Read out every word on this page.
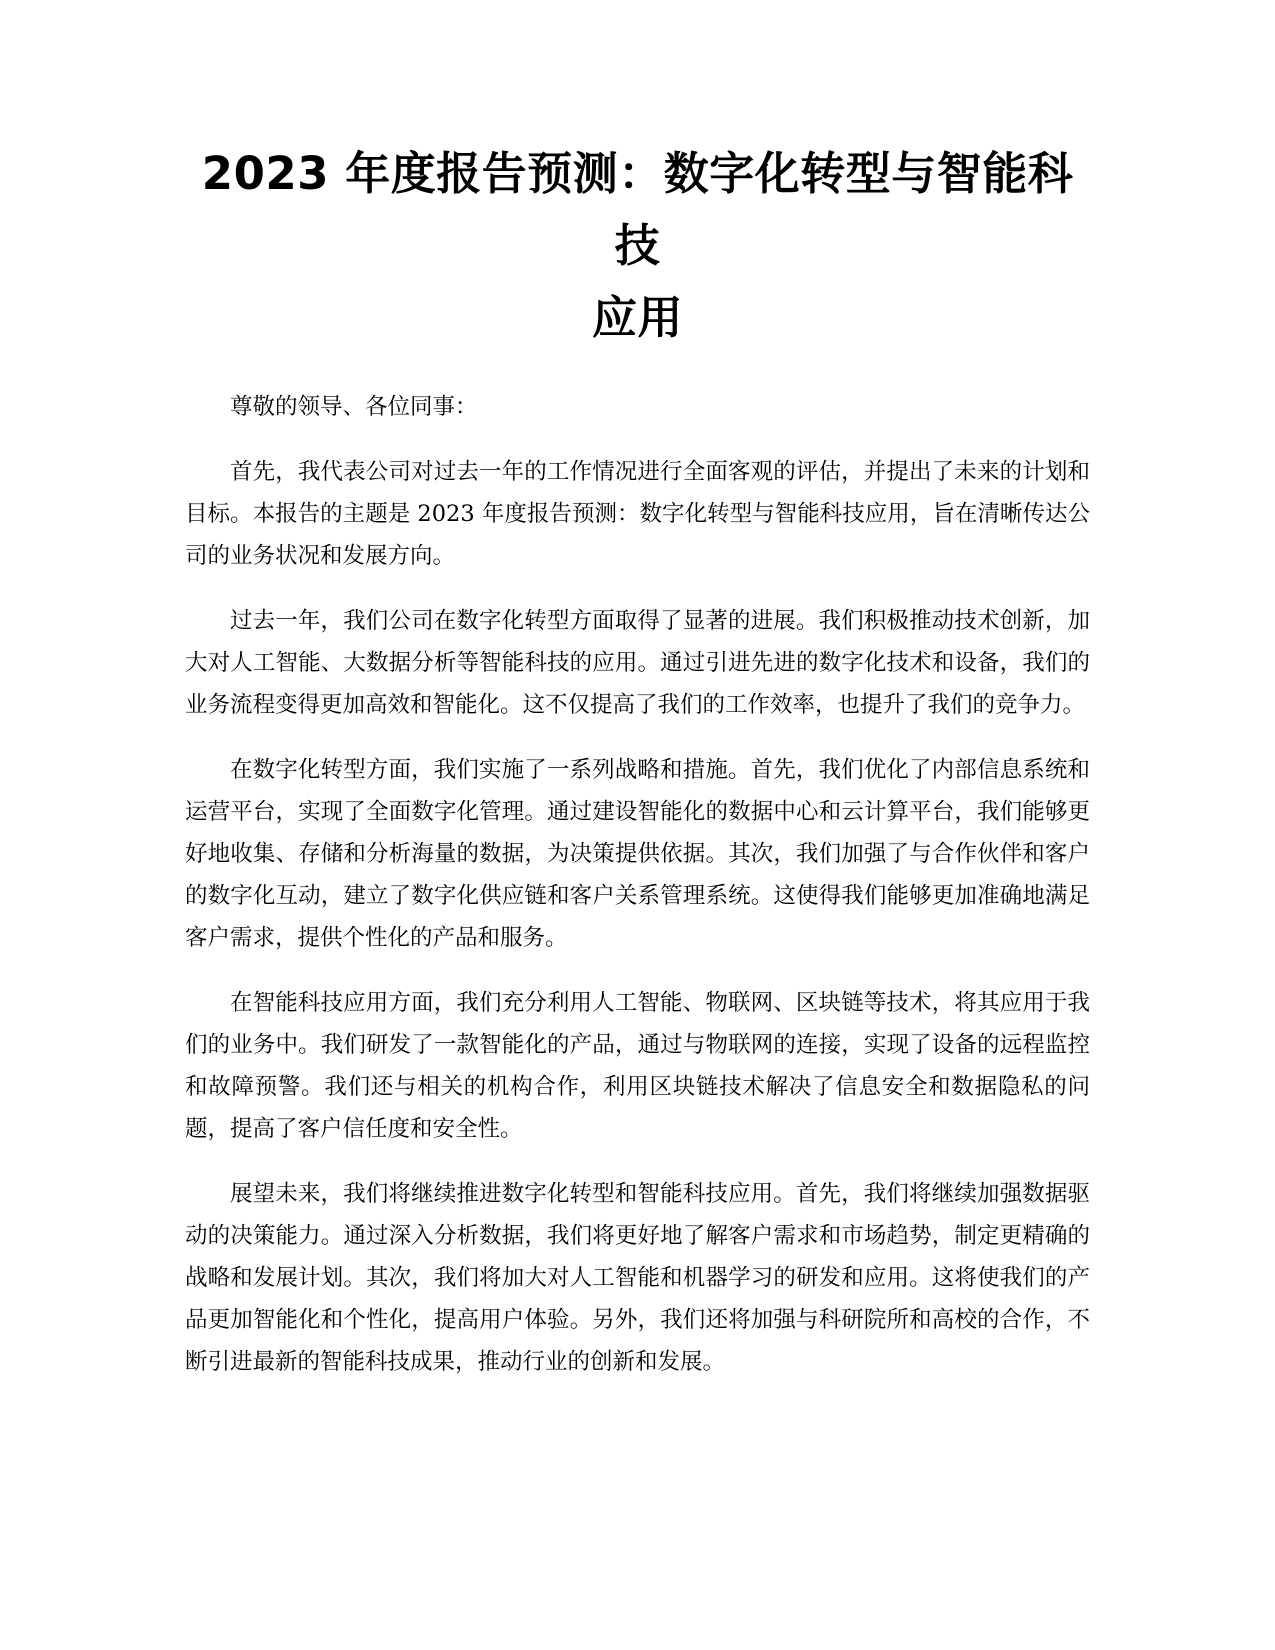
2023 年度报告预测：数字化转型与智能科技
应用

尊敬的领导、各位同事：

首先，我代表公司对过去一年的工作情况进行全面客观的评估，并提出了未来的计划和目标。本报告的主题是 2023 年度报告预测：数字化转型与智能科技应用，旨在清晰传达公司的业务状况和发展方向。

过去一年，我们公司在数字化转型方面取得了显著的进展。我们积极推动技术创新，加大对人工智能、大数据分析等智能科技的应用。通过引进先进的数字化技术和设备，我们的业务流程变得更加高效和智能化。这不仅提高了我们的工作效率，也提升了我们的竞争力。

在数字化转型方面，我们实施了一系列战略和措施。首先，我们优化了内部信息系统和运营平台，实现了全面数字化管理。通过建设智能化的数据中心和云计算平台，我们能够更好地收集、存储和分析海量的数据，为决策提供依据。其次，我们加强了与合作伙伴和客户的数字化互动，建立了数字化供应链和客户关系管理系统。这使得我们能够更加准确地满足客户需求，提供个性化的产品和服务。

在智能科技应用方面，我们充分利用人工智能、物联网、区块链等技术，将其应用于我们的业务中。我们研发了一款智能化的产品，通过与物联网的连接，实现了设备的远程监控和故障预警。我们还与相关的机构合作，利用区块链技术解决了信息安全和数据隐私的问题，提高了客户信任度和安全性。

展望未来，我们将继续推进数字化转型和智能科技应用。首先，我们将继续加强数据驱动的决策能力。通过深入分析数据，我们将更好地了解客户需求和市场趋势，制定更精确的战略和发展计划。其次，我们将加大对人工智能和机器学习的研发和应用。这将使我们的产品更加智能化和个性化，提高用户体验。另外，我们还将加强与科研院所和高校的合作，不断引进最新的智能科技成果，推动行业的创新和发展。
